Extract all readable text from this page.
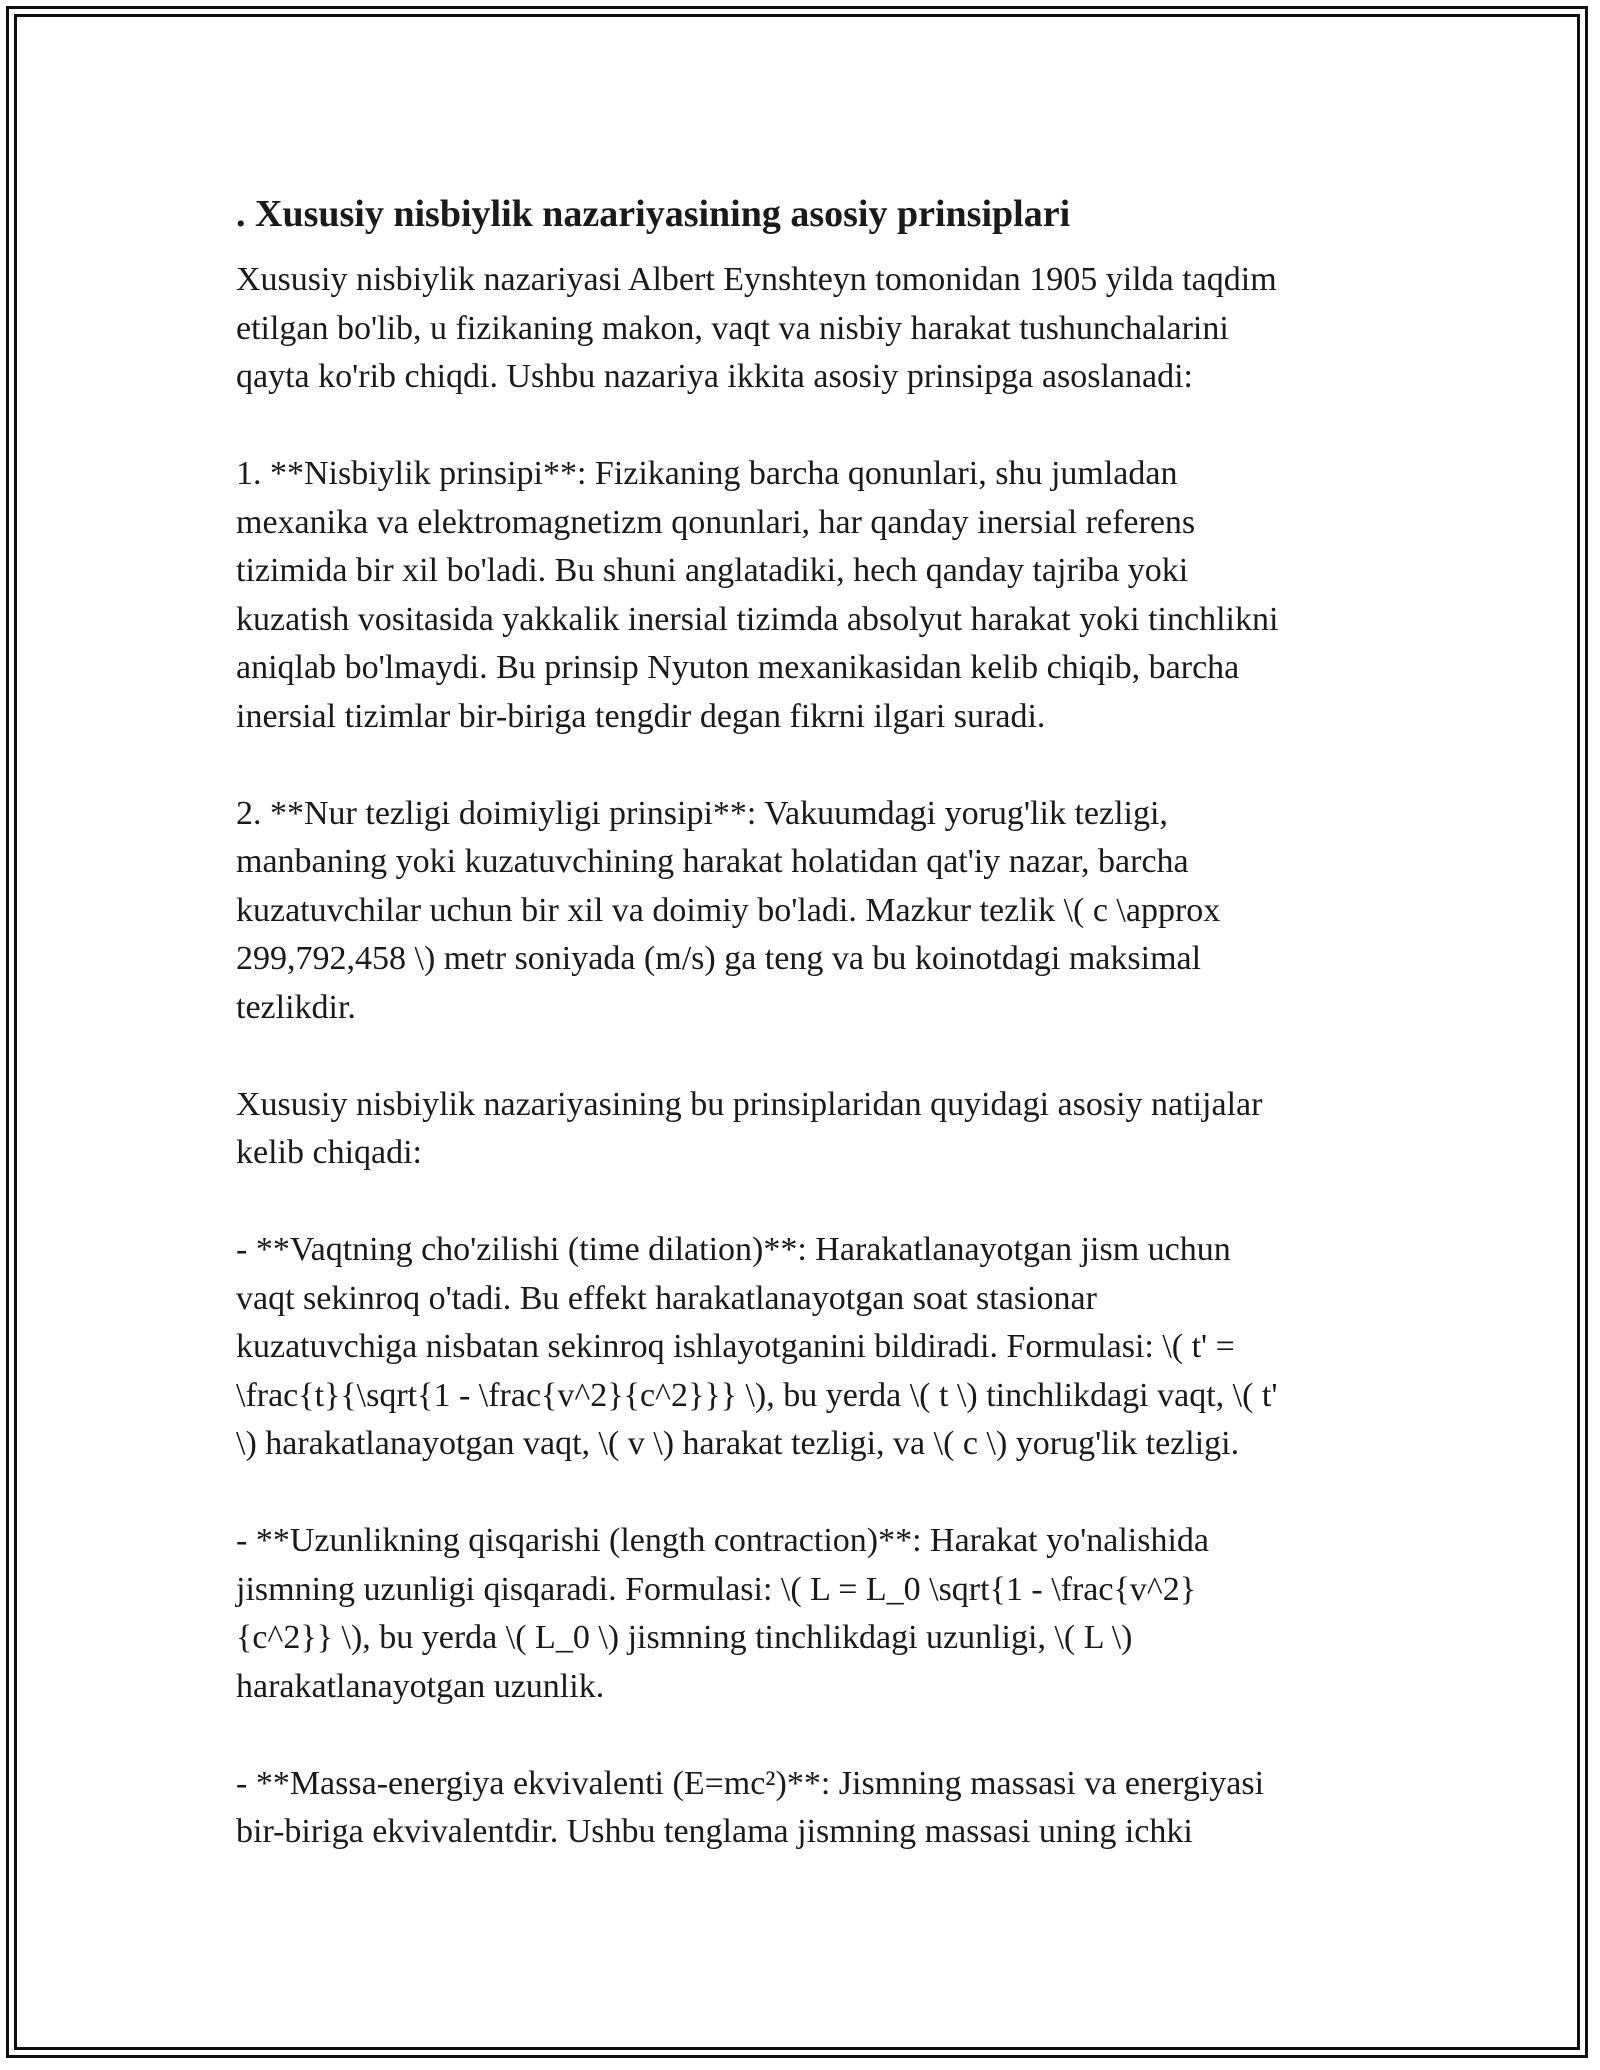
. Xususiy nisbiylik nazariyasining asosiy prinsiplari

Xususiy nisbiylik nazariyasi Albert Eynshteyn tomonidan 1905 yilda taqdim
etilgan bo'lib, u fizikaning makon, vaqt va nisbiy harakat tushunchalarini
qayta ko'rib chiqdi. Ushbu nazariya ikkita asosiy prinsipga asoslanadi:

1. **Nisbiylik prinsipi**: Fizikaning barcha qonunlari, shu jumladan
mexanika va elektromagnetizm qonunlari, har qanday inersial referens
tizimida bir xil bo'ladi. Bu shuni anglatadiki, hech qanday tajriba yoki
kuzatish vositasida yakkalik inersial tizimda absolyut harakat yoki tinchlikni
aniqlab bo'lmaydi. Bu prinsip Nyuton mexanikasidan kelib chiqib, barcha
inersial tizimlar bir-biriga tengdir degan fikrni ilgari suradi.

2. **Nur tezligi doimiyligi prinsipi**: Vakuumdagi yorug'lik tezligi,
manbaning yoki kuzatuvchining harakat holatidan qat'iy nazar, barcha
kuzatuvchilar uchun bir xil va doimiy bo'ladi. Mazkur tezlik \( c \approx
299,792,458 \) metr soniyada (m/s) ga teng va bu koinotdagi maksimal
tezlikdir.

Xususiy nisbiylik nazariyasining bu prinsiplaridan quyidagi asosiy natijalar
kelib chiqadi:

- **Vaqtning cho'zilishi (time dilation)**: Harakatlanayotgan jism uchun
vaqt sekinroq o'tadi. Bu effekt harakatlanayotgan soat stasionar
kuzatuvchiga nisbatan sekinroq ishlayotganini bildiradi. Formulasi: \( t' =
\frac{t}{\sqrt{1 - \frac{v^2}{c^2}}} \), bu yerda \( t \) tinchlikdagi vaqt, \( t'
\) harakatlanayotgan vaqt, \( v \) harakat tezligi, va \( c \) yorug'lik tezligi.

- **Uzunlikning qisqarishi (length contraction)**: Harakat yo'nalishida
jismning uzunligi qisqaradi. Formulasi: \( L = L_0 \sqrt{1 - \frac{v^2}
{c^2}} \), bu yerda \( L_0 \) jismning tinchlikdagi uzunligi, \( L \)
harakatlanayotgan uzunlik.

- **Massa-energiya ekvivalenti (E=mc²)**: Jismning massasi va energiyasi
bir-biriga ekvivalentdir. Ushbu tenglama jismning massasi uning ichki
